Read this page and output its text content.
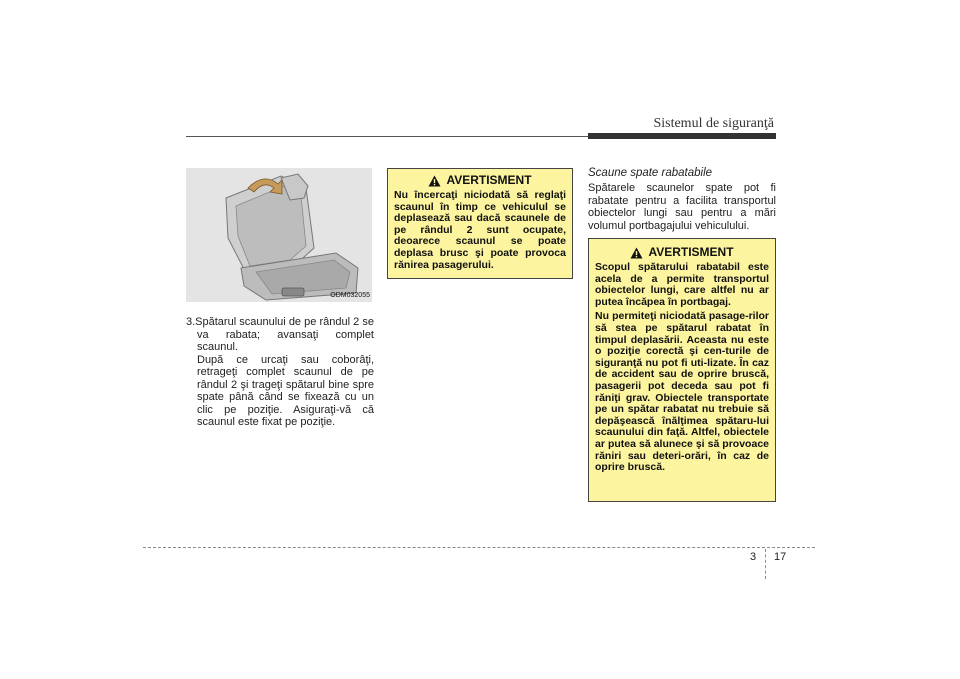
Sistemul de siguranţă
ODM032055

3.Spătarul scaunului de pe rândul 2 se va rabata; avansaţi complet scaunul.

După ce urcaţi sau coborâţi, retrageţi complet scaunul de pe rândul 2 şi trageţi spătarul bine spre spate până când se fixează cu un clic pe poziţie. Asiguraţi-vă că scaunul este fixat pe poziţie.

AVERTISMENT

Nu încercaţi niciodată să reglaţi scaunul în timp ce vehiculul se deplasează sau dacă scaunele de pe rândul 2 sunt ocupate, deoarece scaunul se poate deplasa brusc şi poate provoca rănirea pasagerului.

Scaune spate rabatabile

Spătarele scaunelor spate pot fi rabatate pentru a facilita transportul obiectelor lungi sau pentru a mări volumul portbagajului vehiculului.

AVERTISMENT

Scopul spătarului rabatabil este acela de a permite transportul obiectelor lungi, care altfel nu ar putea încăpea în portbagaj.

Nu permiteţi niciodată pasage-rilor să stea pe spătarul rabatat în timpul deplasării. Aceasta nu este o poziţie corectă şi cen-turile de siguranţă nu pot fi uti-lizate. În caz de accident sau de oprire bruscă, pasagerii pot deceda sau pot fi răniţi grav. Obiectele transportate pe un spătar rabatat nu trebuie să depăşească înălţimea spătaru-lui scaunului din faţă. Altfel, obiectele ar putea să alunece şi să provoace răniri sau deteri-orări, în caz de oprire bruscă.

3 17
